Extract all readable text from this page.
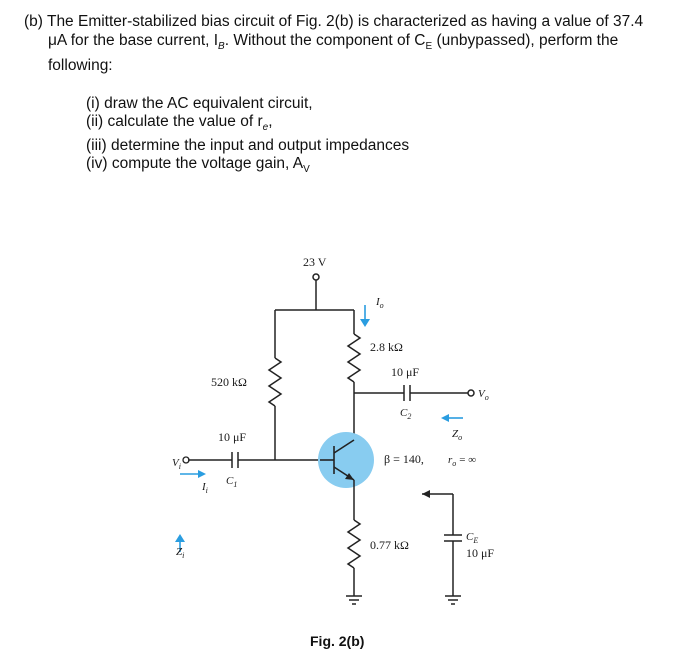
(b) The Emitter-stabilized bias circuit of Fig. 2(b) is characterized as having a value of 37.4
μA for the base current, $I_B$. Without the component of $C_E$ (unbypassed), perform the
following:
(i) draw the AC equivalent circuit,
(ii) calculate the value of $r_e$,
(iii) determine the input and output impedances
(iv) compute the voltage gain, $A_V$
23 V
520 kΩ
2.8 kΩ
0.77 kΩ
10 μF
$C_1$
10 μF
$C_2$
$C_E$
10 μF
$I_o$
$I_i$
$V_i$
$V_o$
$Z_i$
$Z_o$
β = 140, $r_o$ = ∞
Fig. 2(b)
